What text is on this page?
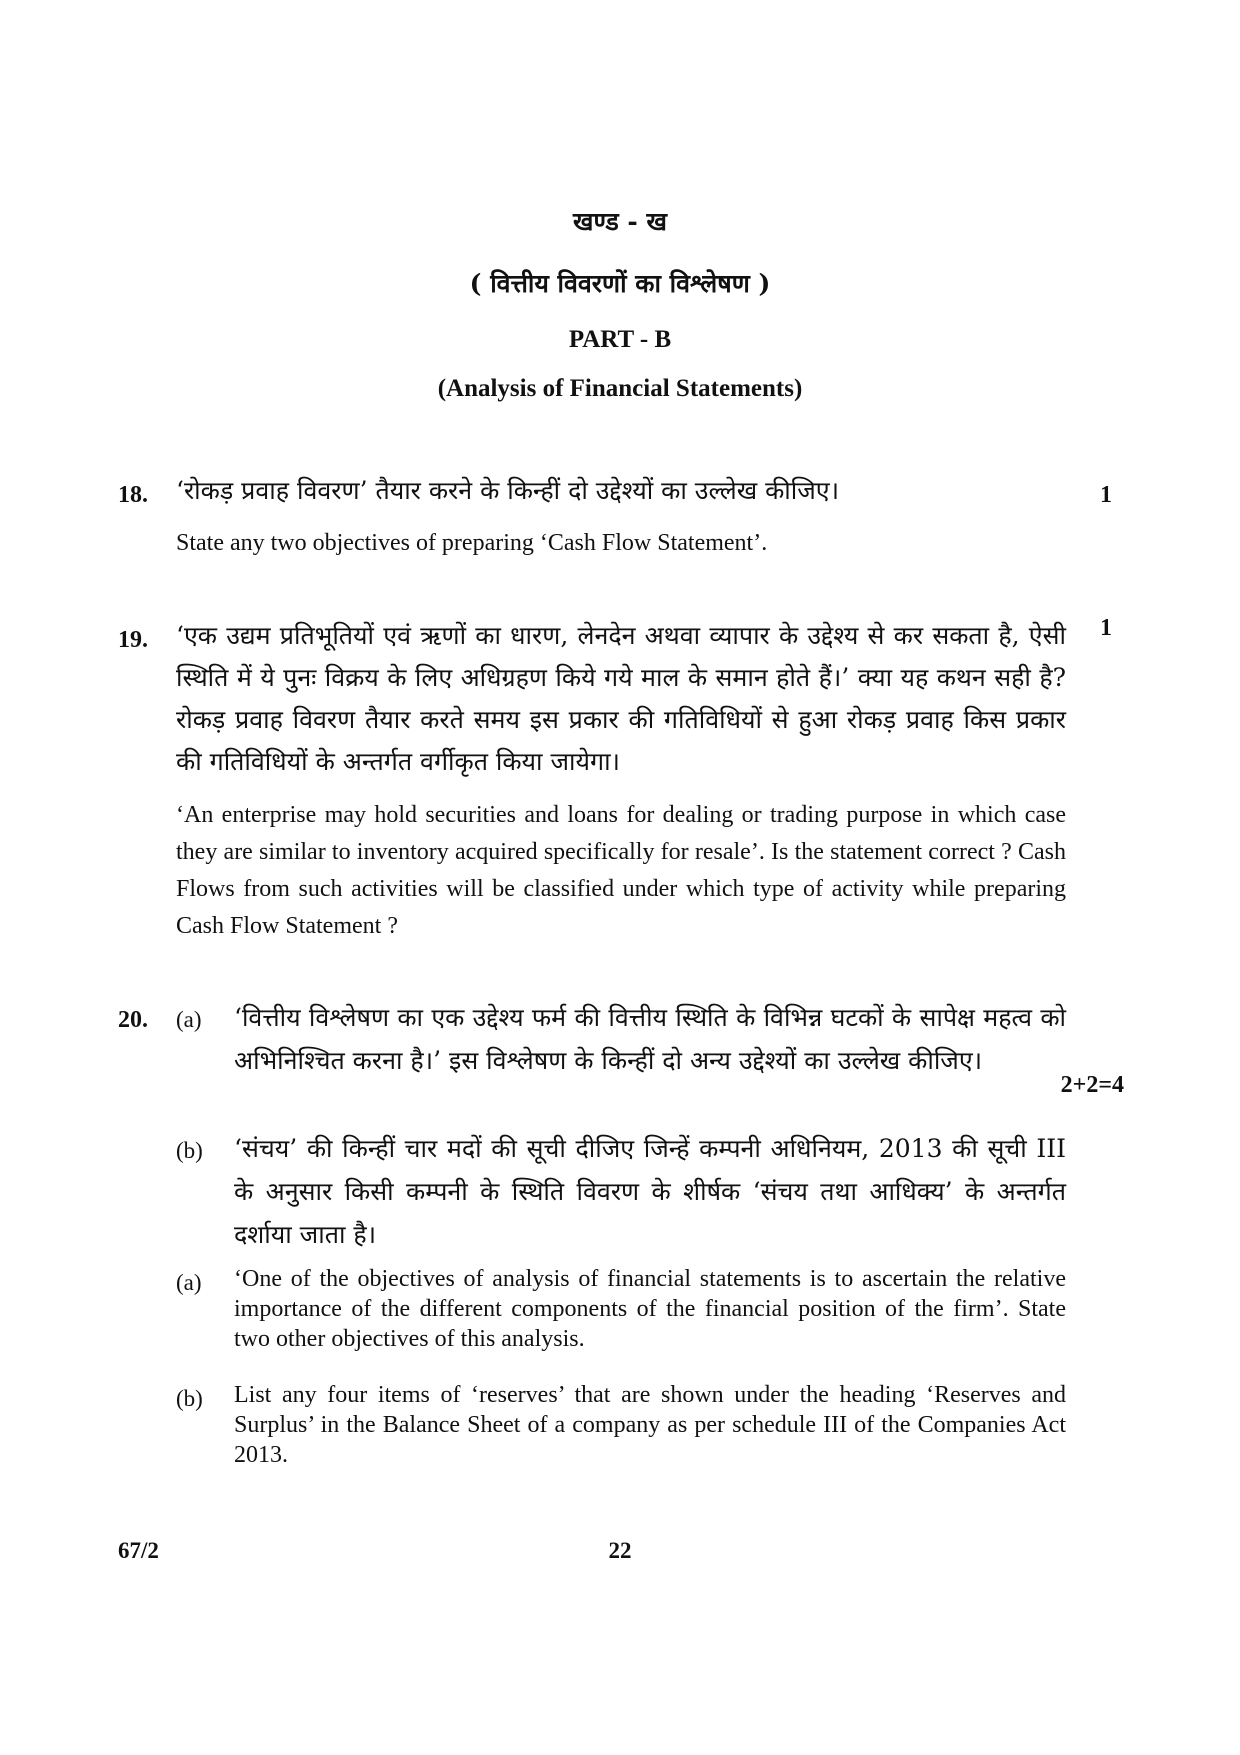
खण्ड - ख
( वित्तीय विवरणों का विश्लेषण )
PART - B
(Analysis of Financial Statements)
18. ‘रोकड़ प्रवाह विवरण’ तैयार करने के किन्हीं दो उद्देश्यों का उल्लेख कीजिए।	1
State any two objectives of preparing ‘Cash Flow Statement’.
19. ‘एक उद्यम प्रतिभूतियों एवं ऋणों का धारण, लेनदेन अथवा व्यापार के उद्देश्य से कर सकता है, ऐसी स्थिति में ये पुनः विक्रय के लिए अधिग्रहण किये गये माल के समान होते हैं।’ क्या यह कथन सही है? रोकड़ प्रवाह विवरण तैयार करते समय इस प्रकार की गतिविधियों से हुआ रोकड़ प्रवाह किस प्रकार की गतिविधियों के अन्तर्गत वर्गीकृत किया जायेगा।
1
‘An enterprise may hold securities and loans for dealing or trading purpose in which case they are similar to inventory acquired specifically for resale’. Is the statement correct ? Cash Flows from such activities will be classified under which type of activity while preparing Cash Flow Statement ?
20. (a) ‘वित्तीय विश्लेषण का एक उद्देश्य फर्म की वित्तीय स्थिति के विभिन्न घटकों के सापेक्ष महत्व को अभिनिश्चित करना है।’ इस विश्लेषण के किन्हीं दो अन्य उद्देश्यों का उल्लेख कीजिए।
2+2=4
(b) ‘संचय’ की किन्हीं चार मदों की सूची दीजिए जिन्हें कम्पनी अधिनियम, 2013 की सूची III के अनुसार किसी कम्पनी के स्थिति विवरण के शीर्षक ‘संचय तथा आधिक्य’ के अन्तर्गत दर्शाया जाता है।
(a) ‘One of the objectives of analysis of financial statements is to ascertain the relative importance of the different components of the financial position of the firm’. State two other objectives of this analysis.
(b) List any four items of ‘reserves’ that are shown under the heading ‘Reserves and Surplus’ in the Balance Sheet of a company as per schedule III of the Companies Act 2013.
67/2	22
